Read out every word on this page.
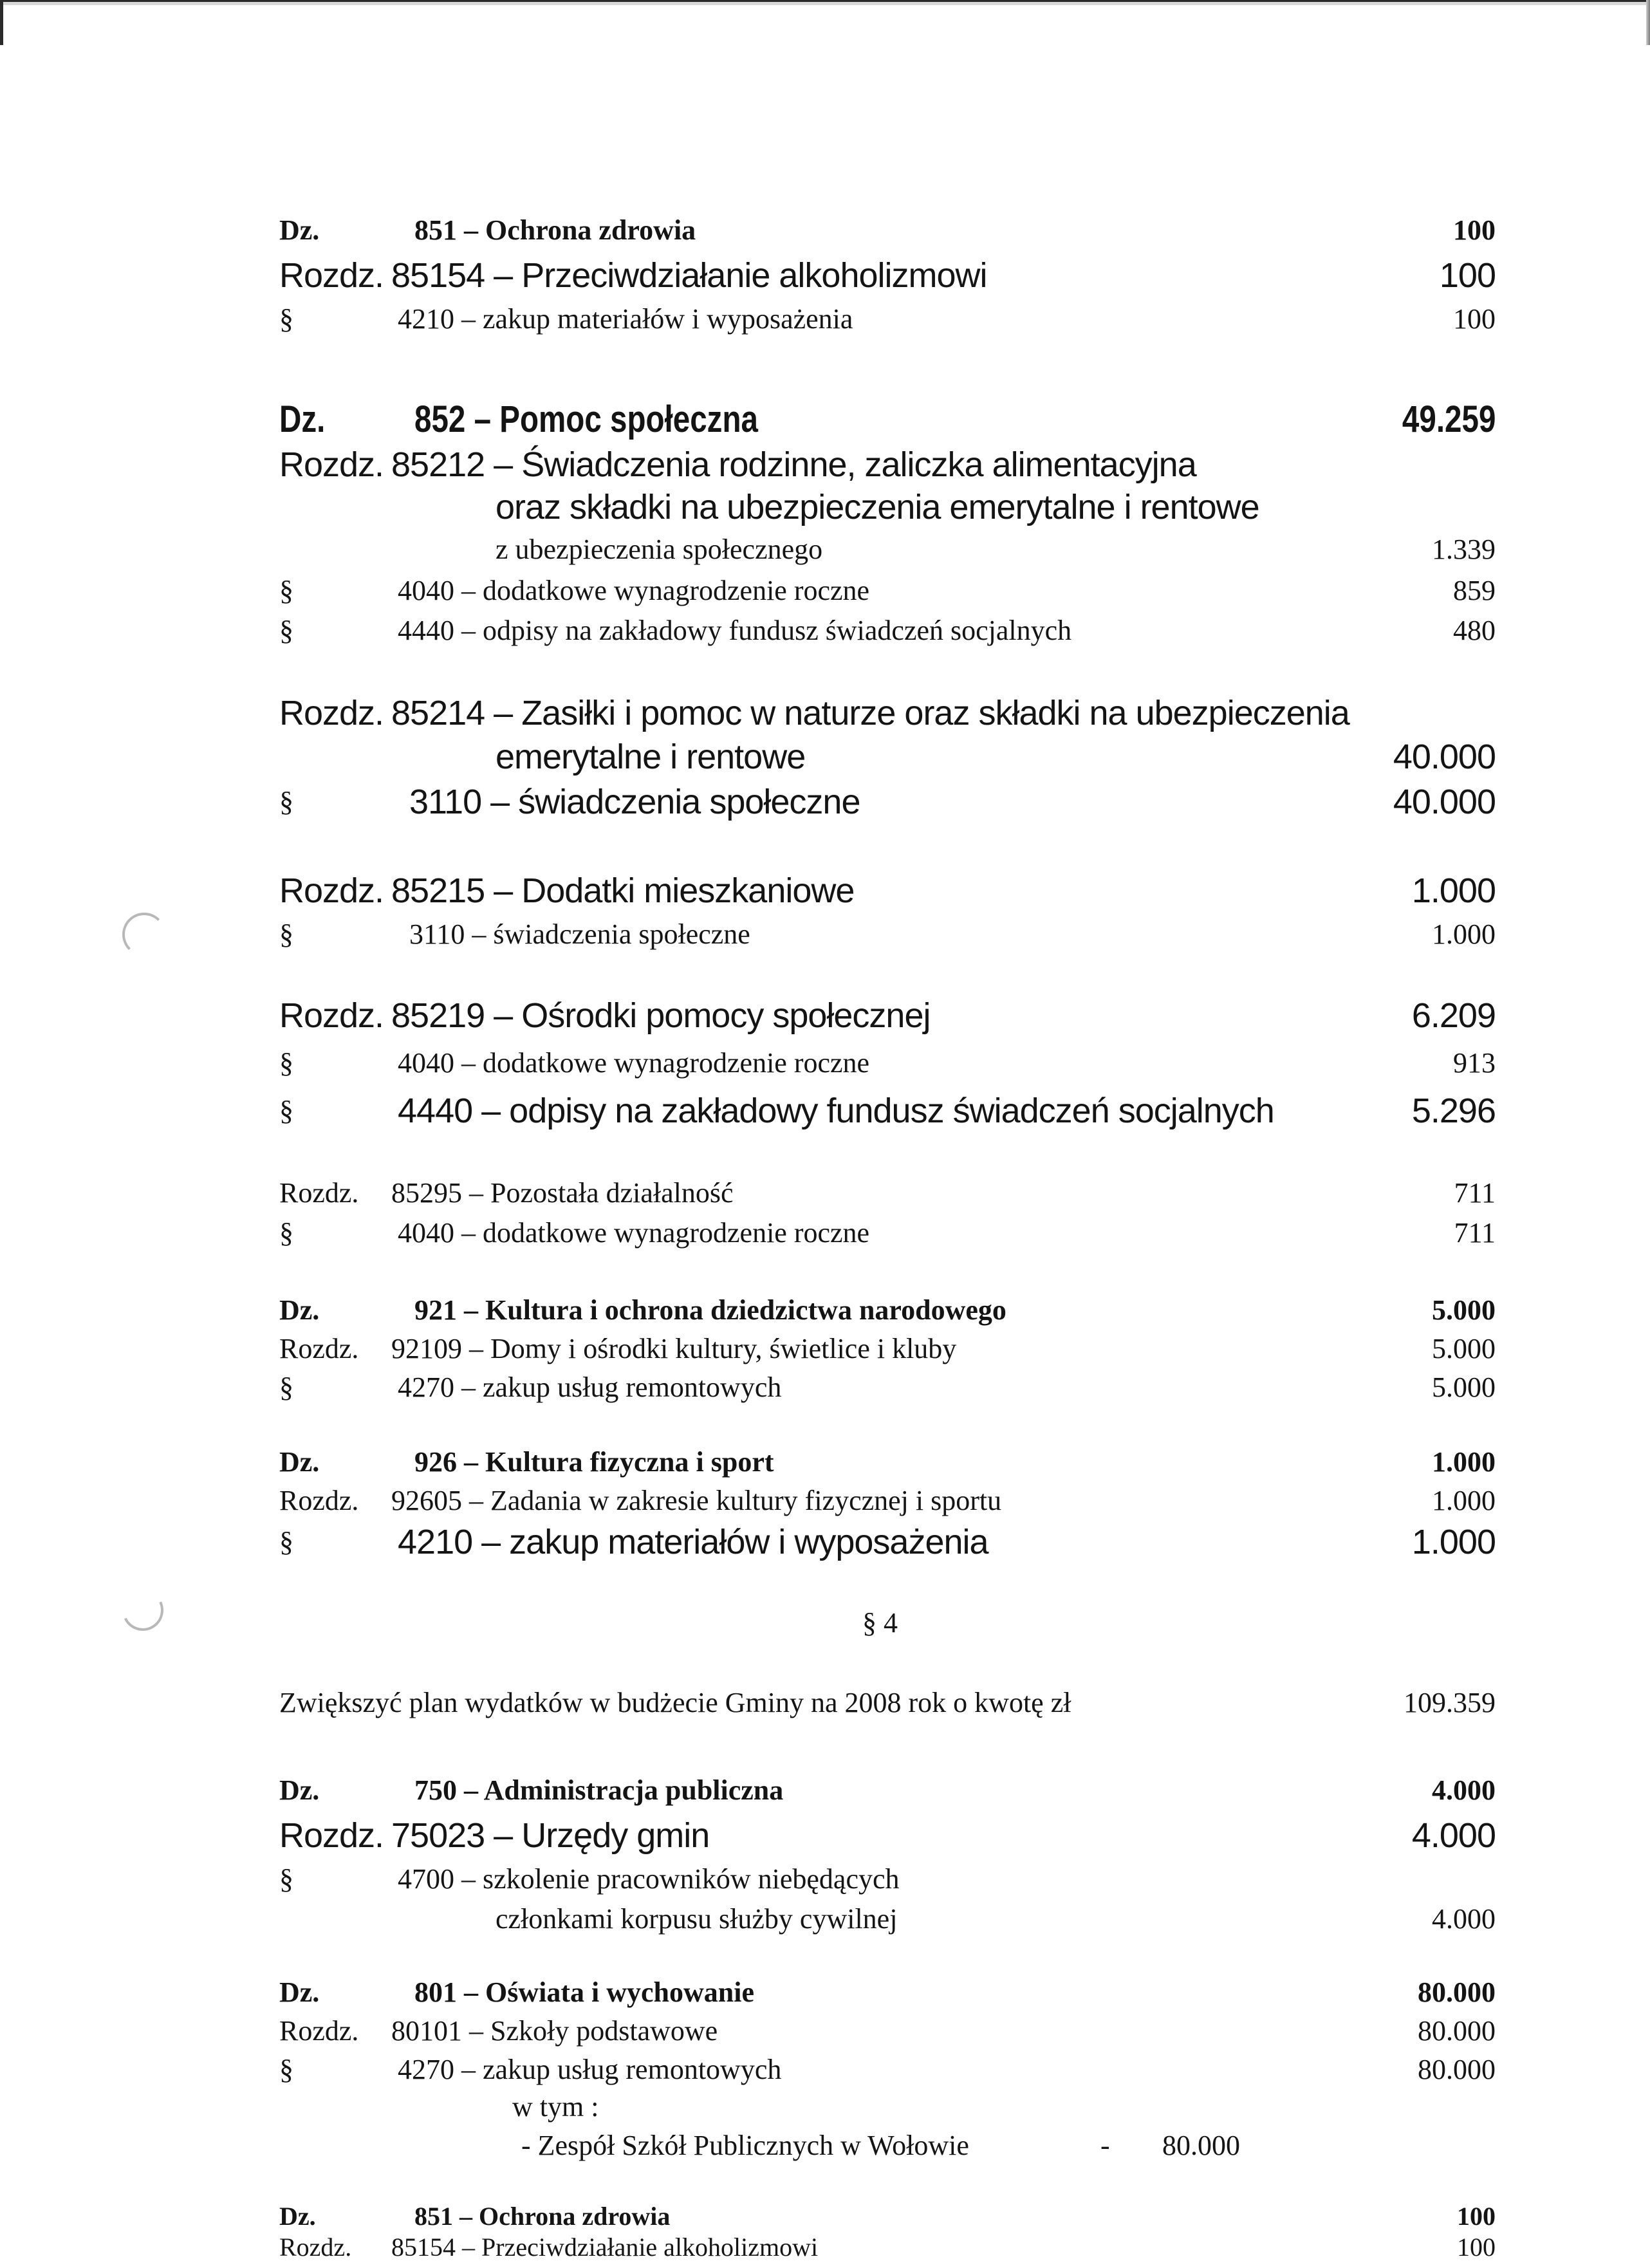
Dz.	851 – Ochrona zdrowia	100
Rozdz. 85154 – Przeciwdziałanie alkoholizmowi	100
§	4210 – zakup materiałów i wyposażenia	100
Dz. 852 – Pomoc społeczna	49.259
Rozdz. 85212 – Świadczenia rodzinne, zaliczka alimentacyjna
oraz składki na ubezpieczenia emerytalne i rentowe
z ubezpieczenia społecznego	1.339
§	4040 – dodatkowe wynagrodzenie roczne	859
§	4440 – odpisy na zakładowy fundusz świadczeń socjalnych	480
Rozdz. 85214 – Zasiłki i pomoc w naturze oraz składki na ubezpieczenia
emerytalne i rentowe	40.000
§	3110 – świadczenia społeczne	40.000
Rozdz. 85215 – Dodatki mieszkaniowe	1.000
§	3110 – świadczenia społeczne	1.000
Rozdz. 85219 – Ośrodki pomocy społecznej	6.209
§	4040 – dodatkowe wynagrodzenie roczne	913
§	4440 – odpisy na zakładowy fundusz świadczeń socjalnych	5.296
Rozdz. 85295 – Pozostała działalność	711
§	4040 – dodatkowe wynagrodzenie roczne	711
Dz.	921 – Kultura i ochrona dziedzictwa narodowego	5.000
Rozdz. 92109 – Domy i ośrodki kultury, świetlice i kluby	5.000
§	4270 – zakup usług remontowych	5.000
Dz.	926 – Kultura fizyczna i sport	1.000
Rozdz. 92605 – Zadania w zakresie kultury fizycznej i sportu	1.000
§	4210 – zakup materiałów i wyposażenia	1.000
§ 4
Zwiększyć plan wydatków w budżecie Gminy na 2008 rok o kwotę zł	109.359
Dz.	750 – Administracja publiczna	4.000
Rozdz. 75023 – Urzędy gmin	4.000
§	4700 – szkolenie pracowników niebędących
członkami korpusu służby cywilnej	4.000
Dz.	801 – Oświata i wychowanie	80.000
Rozdz. 80101 – Szkoły podstawowe	80.000
§	4270 – zakup usług remontowych	80.000
w tym :
- Zespół Szkół Publicznych w Wołowie	- 80.000
Dz.	851 – Ochrona zdrowia	100
Rozdz. 85154 – Przeciwdziałanie alkoholizmowi	100
